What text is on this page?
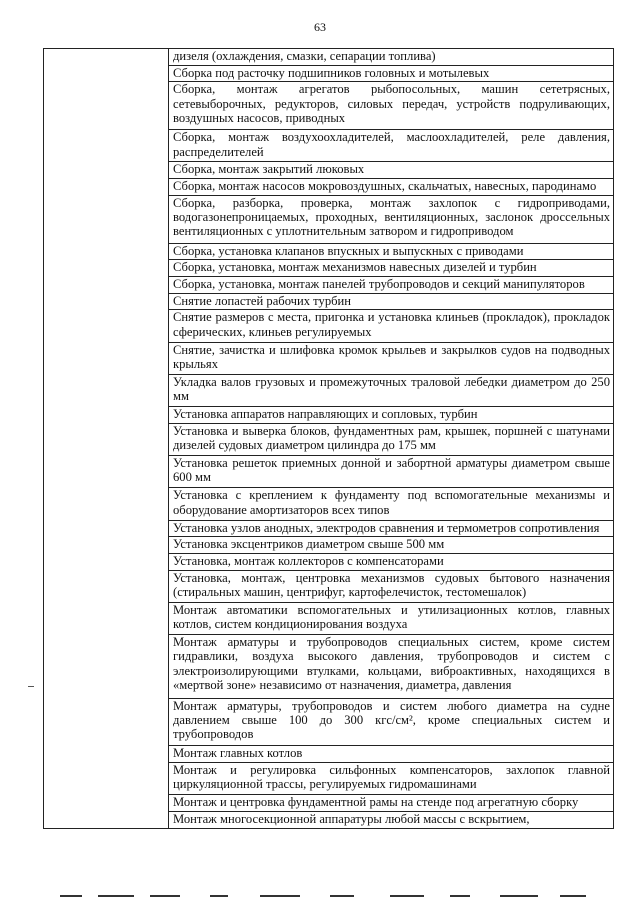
63
	дизеля (охлаждения, смазки, сепарации топлива)
Сборка под расточку подшипников головных и мотылевых
Сборка, монтаж агрегатов рыбопосольных, машин сететрясных, сетевыборочных, редукторов, силовых передач, устройств подруливающих, воздушных насосов, приводных
Сборка, монтаж воздухоохладителей, маслоохладителей, реле давления, распределителей
Сборка, монтаж закрытий люковых
Сборка, монтаж насосов мокровоздушных, скальчатых, навесных, пародинамо
Сборка, разборка, проверка, монтаж захлопок с гидроприводами, водогазонепроницаемых, проходных, вентиляционных, заслонок дроссельных вентиляционных с уплотнительным затвором и гидроприводом
Сборка, установка клапанов впускных и выпускных с приводами
Сборка, установка, монтаж механизмов навесных дизелей и турбин
Сборка, установка, монтаж панелей трубопроводов и секций манипуляторов
Снятие лопастей рабочих турбин
Снятие размеров с места, пригонка и установка клиньев (прокладок), прокладок сферических, клиньев регулируемых
Снятие, зачистка и шлифовка кромок крыльев и закрылков судов на подводных крыльях
Укладка валов грузовых и промежуточных траловой лебедки диаметром до 250 мм
Установка аппаратов направляющих и сопловых, турбин
Установка и выверка блоков, фундаментных рам, крышек, поршней с шатунами дизелей судовых диаметром цилиндра до 175 мм
Установка решеток приемных донной и забортной арматуры диаметром свыше 600 мм
Установка с креплением к фундаменту под вспомогательные механизмы и оборудование амортизаторов всех типов
Установка узлов анодных, электродов сравнения и термометров сопротивления
Установка эксцентриков диаметром свыше 500 мм
Установка, монтаж коллекторов с компенсаторами
Установка, монтаж, центровка механизмов судовых бытового назначения (стиральных машин, центрифуг, картофелечисток, тестомешалок)
Монтаж автоматики вспомогательных и утилизационных котлов, главных котлов, систем кондиционирования воздуха
Монтаж арматуры и трубопроводов специальных систем, кроме систем гидравлики, воздуха высокого давления, трубопроводов и систем с электроизолирующими втулками, кольцами, виброактивных, находящихся в «мертвой зоне» независимо от назначения, диаметра, давления
Монтаж арматуры, трубопроводов и систем любого диаметра на судне давлением свыше 100 до 300 кгс/см², кроме специальных систем и трубопроводов
Монтаж главных котлов
Монтаж и регулировка сильфонных компенсаторов, захлопок главной циркуляционной трассы, регулируемых гидромашинами
Монтаж и центровка фундаментной рамы на стенде под агрегатную сборку
Монтаж многосекционной аппаратуры любой массы с вскрытием,
